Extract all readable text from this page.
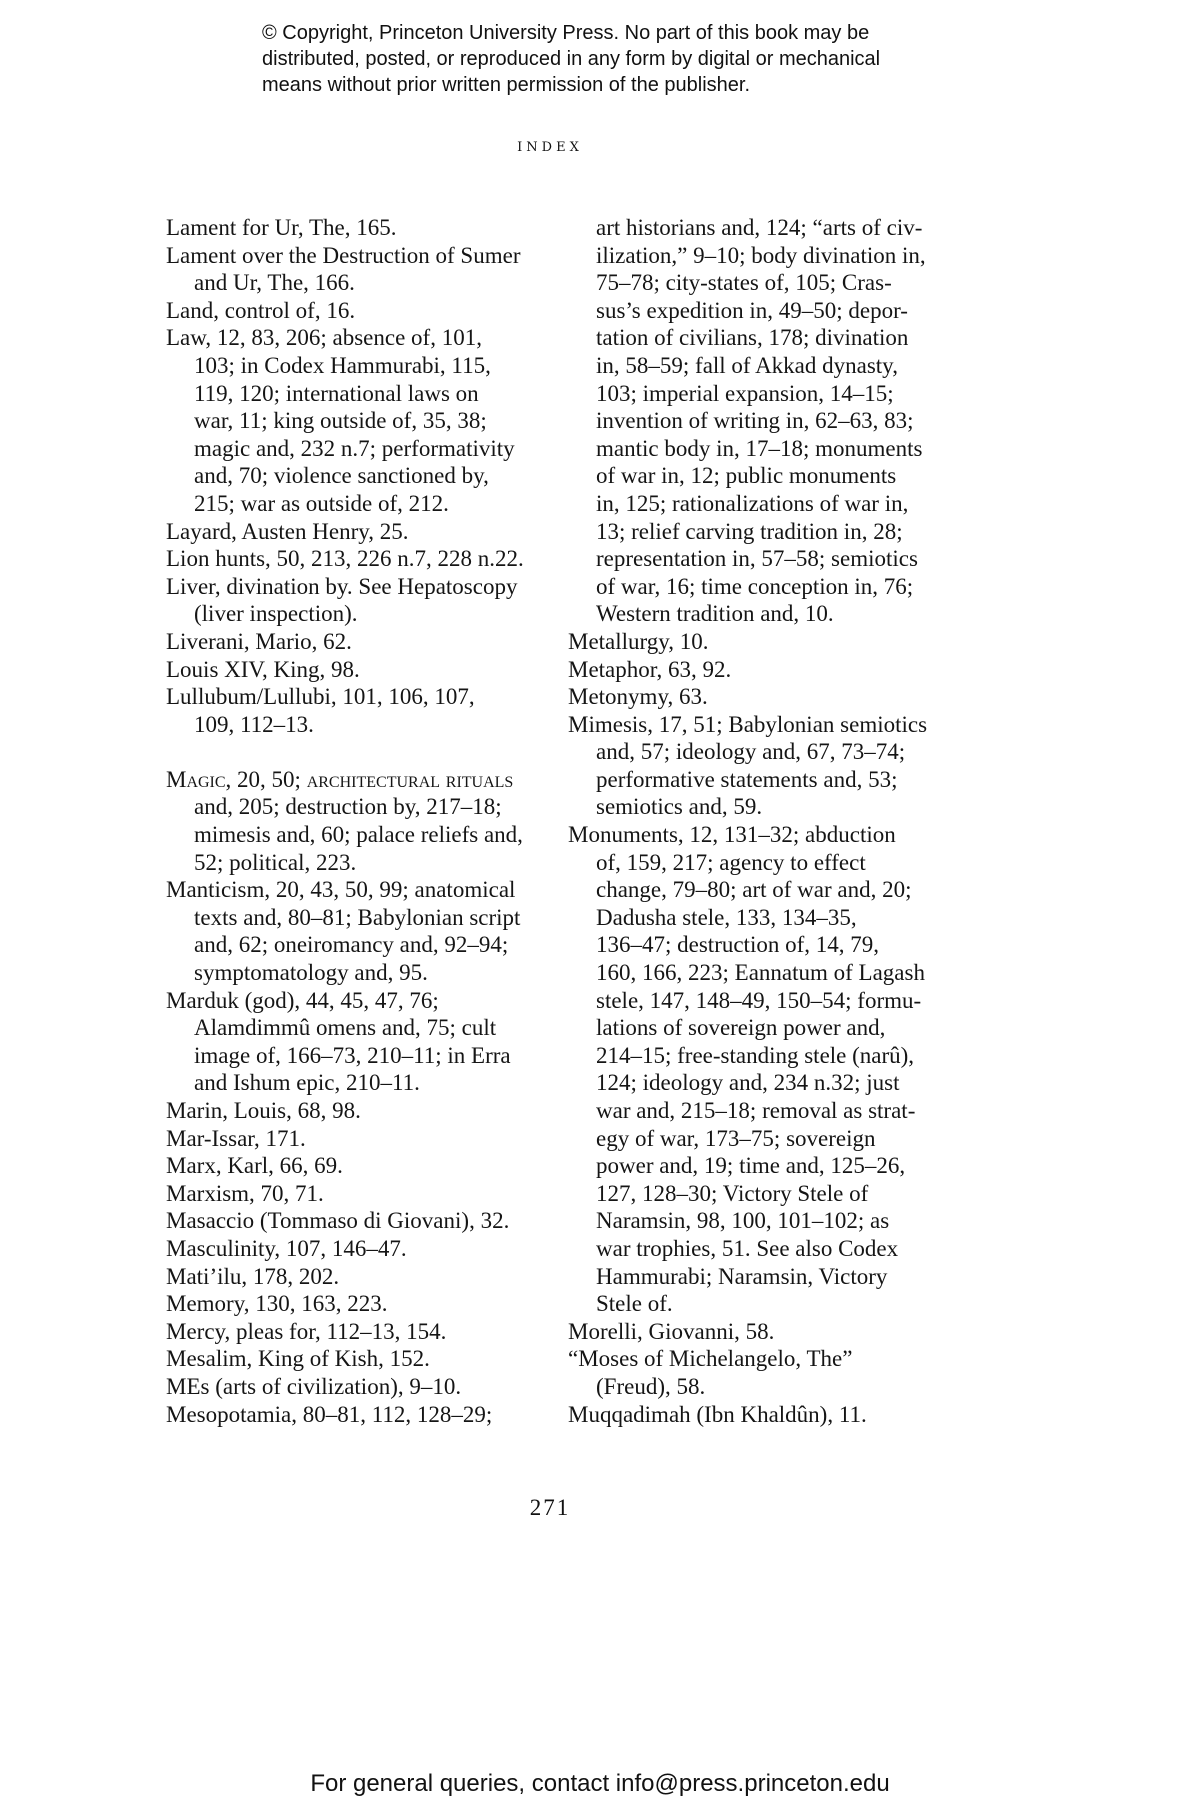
© Copyright, Princeton University Press. No part of this book may be
distributed, posted, or reproduced in any form by digital or mechanical
means without prior written permission of the publisher.
INDEX
Lament for Ur, The, 165.
Lament over the Destruction of Sumer
and Ur, The, 166.
Land, control of, 16.
Law, 12, 83, 206; absence of, 101,
103; in Codex Hammurabi, 115,
119, 120; international laws on
war, 11; king outside of, 35, 38;
magic and, 232 n.7; performativity
and, 70; violence sanctioned by,
215; war as outside of, 212.
Layard, Austen Henry, 25.
Lion hunts, 50, 213, 226 n.7, 228 n.22.
Liver, divination by. See Hepatoscopy
(liver inspection).
Liverani, Mario, 62.
Louis XIV, King, 98.
Lullubum/Lullubi, 101, 106, 107,
109, 112–13.
Magic, 20, 50; architectural rituals
and, 205; destruction by, 217–18;
mimesis and, 60; palace reliefs and,
52; political, 223.
Manticism, 20, 43, 50, 99; anatomical
texts and, 80–81; Babylonian script
and, 62; oneiromancy and, 92–94;
symptomatology and, 95.
Marduk (god), 44, 45, 47, 76;
Alamdimmû omens and, 75; cult
image of, 166–73, 210–11; in Erra
and Ishum epic, 210–11.
Marin, Louis, 68, 98.
Mar-Issar, 171.
Marx, Karl, 66, 69.
Marxism, 70, 71.
Masaccio (Tommaso di Giovani), 32.
Masculinity, 107, 146–47.
Mati’ilu, 178, 202.
Memory, 130, 163, 223.
Mercy, pleas for, 112–13, 154.
Mesalim, King of Kish, 152.
MEs (arts of civilization), 9–10.
Mesopotamia, 80–81, 112, 128–29;
art historians and, 124; “arts of civ-
ilization,” 9–10; body divination in,
75–78; city-states of, 105; Cras-
sus’s expedition in, 49–50; depor-
tation of civilians, 178; divination
in, 58–59; fall of Akkad dynasty,
103; imperial expansion, 14–15;
invention of writing in, 62–63, 83;
mantic body in, 17–18; monuments
of war in, 12; public monuments
in, 125; rationalizations of war in,
13; relief carving tradition in, 28;
representation in, 57–58; semiotics
of war, 16; time conception in, 76;
Western tradition and, 10.
Metallurgy, 10.
Metaphor, 63, 92.
Metonymy, 63.
Mimesis, 17, 51; Babylonian semiotics
and, 57; ideology and, 67, 73–74;
performative statements and, 53;
semiotics and, 59.
Monuments, 12, 131–32; abduction
of, 159, 217; agency to effect
change, 79–80; art of war and, 20;
Dadusha stele, 133, 134–35,
136–47; destruction of, 14, 79,
160, 166, 223; Eannatum of Lagash
stele, 147, 148–49, 150–54; formu-
lations of sovereign power and,
214–15; free-standing stele (narû),
124; ideology and, 234 n.32; just
war and, 215–18; removal as strat-
egy of war, 173–75; sovereign
power and, 19; time and, 125–26,
127, 128–30; Victory Stele of
Naramsin, 98, 100, 101–102; as
war trophies, 51. See also Codex
Hammurabi; Naramsin, Victory
Stele of.
Morelli, Giovanni, 58.
“Moses of Michelangelo, The”
(Freud), 58.
Muqqadimah (Ibn Khaldûn), 11.
271
For general queries, contact info@press.princeton.edu
